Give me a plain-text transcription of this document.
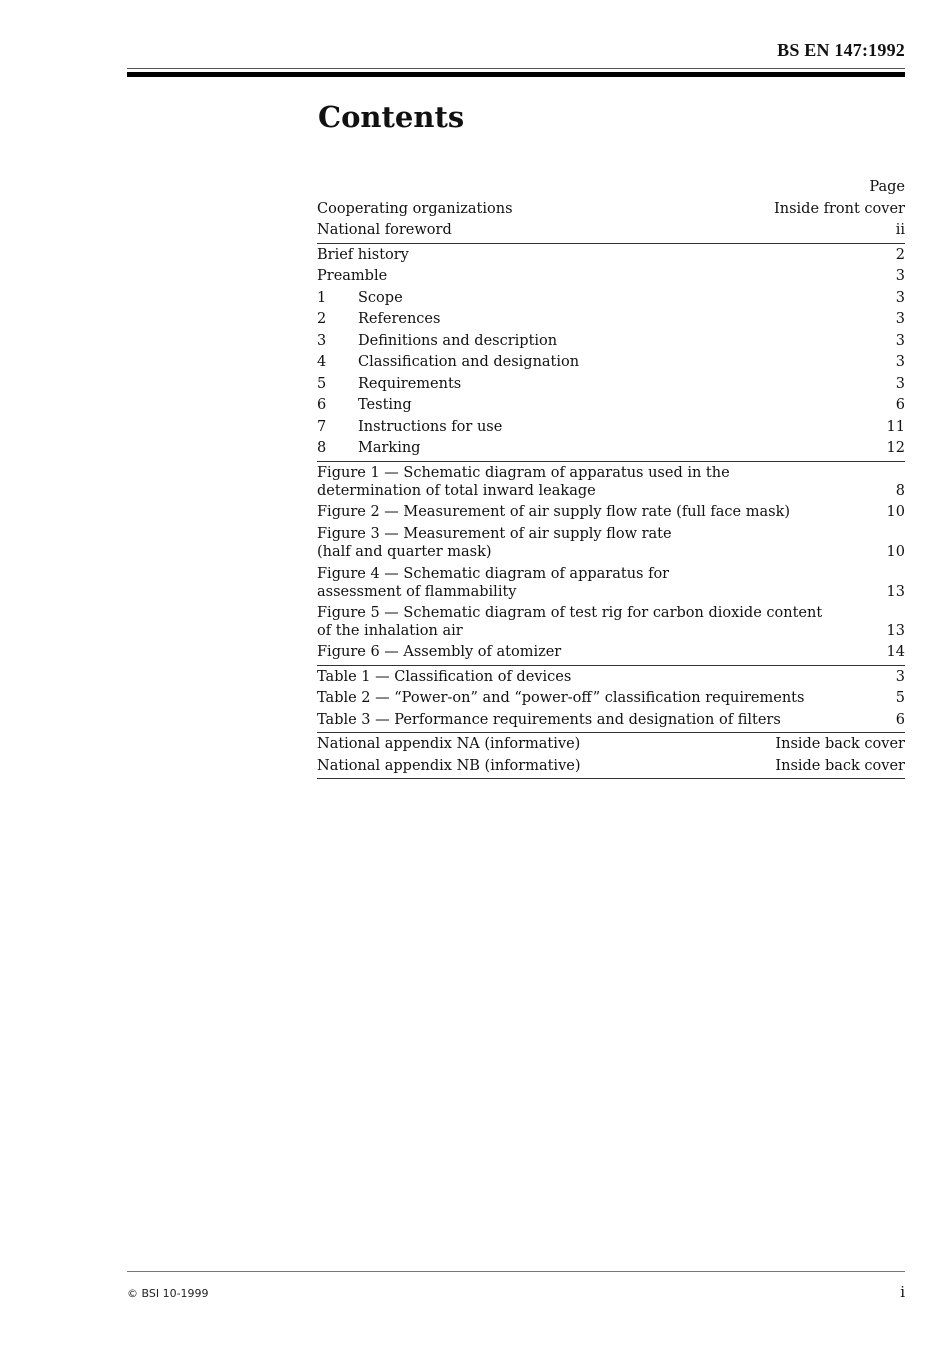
BS EN 147:1992
Contents
Page
Cooperating organizations	Inside front cover
National foreword	ii
Brief history	2
Preamble	3
1	Scope	3
2	References	3
3	Definitions and description	3
4	Classification and designation	3
5	Requirements	3
6	Testing	6
7	Instructions for use	11
8	Marking	12
Figure 1 — Schematic diagram of apparatus used in the
determination of total inward leakage	8
Figure 2 — Measurement of air supply flow rate (full face mask)	10
Figure 3 — Measurement of air supply flow rate
(half and quarter mask)	10
Figure 4 — Schematic diagram of apparatus for
assessment of flammability	13
Figure 5 — Schematic diagram of test rig for carbon dioxide content
of the inhalation air	13
Figure 6 — Assembly of atomizer	14
Table 1 — Classification of devices	3
Table 2 — “Power-on” and “power-off” classification requirements	5
Table 3 — Performance requirements and designation of filters	6
National appendix NA (informative)	Inside back cover
National appendix NB (informative)	Inside back cover
© BSI 10-1999	i
